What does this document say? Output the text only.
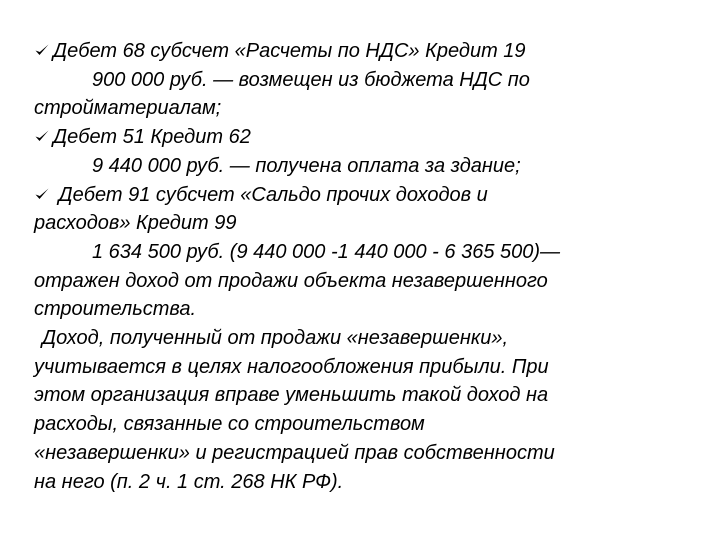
Дебет 68 субсчет «Расчеты по НДС» Кредит 19
900 000 руб. — возмещен из бюджета НДС по
стройматериалам;
Дебет 51 Кредит 62
9 440 000 руб. — получена оплата за здание;
Дебет 91 субсчет «Сальдо прочих доходов и
расходов» Кредит 99
1 634 500 руб. (9 440 000 -1 440 000 - 6 365 500)—
отражен доход от продажи объекта незавершенного
строительства.
Доход, полученный от продажи «незавершенки»,
учитывается в целях налогообложения прибыли. При
этом организация вправе уменьшить такой доход на
расходы, связанные со строительством
«незавершенки» и регистрацией прав собственности
на него (п. 2 ч. 1 ст. 268 НК РФ).
